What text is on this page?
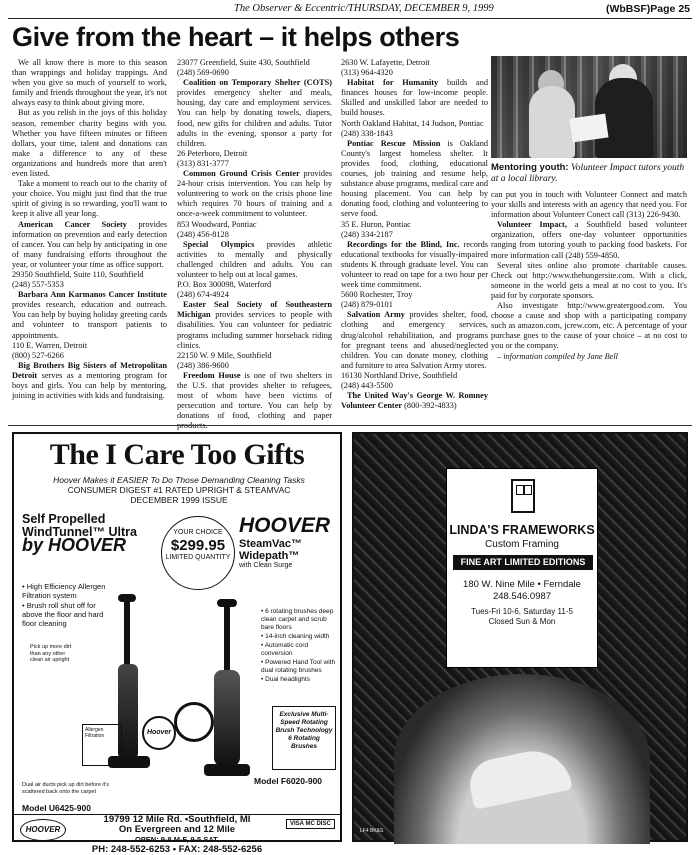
The Observer & Eccentric/THURSDAY, DECEMBER 9, 1999	(WbBSF)Page 25
Give from the heart – it helps others

We all know there is more to this season than wrappings and holiday trappings. And when you give so much of yourself to work, family and friends throughout the year, it's not always easy to think about giving more.

But as you relish in the joys of this holiday season, remember charity begins with you. Whether you have fifteen minutes or fifteen dollars, your time, talent and donations can make a difference to any of these organizations and hundreds more that aren't even listed.

Take a moment to reach out to the charity of your choice. You might just find that the true spirit of giving is so rewarding, you'll want to keep it alive all year long.

American Cancer Society provides information on prevention and early detection of cancer. You can help by anticipating in one of many fundraising efforts throughout the year, or volunteer your time as office support.

29350 Southfield, Suite 110, Southfield

(248) 557-5353

Barbara Ann Karmanos Cancer Institute provides research, education and outreach. You can help by buying holiday greeting cards and volunteer to transport patients to appointments.

110 E. Warren, Detroit

(800) 527-6266

Big Brothers Big Sisters of Metropolitan Detroit serves as a mentoring program for boys and girls. You can help by mentoring, joining in activities with kids and fundraising.

23077 Greenfield, Suite 430, Southfield

(248) 569-0690

Coalition on Temporary Shelter (COTS) provides emergency shelter and meals, housing, day care and employment services. You can help by donating towels, diapers, food, new gifts for children and adults. Tutor adults in the evening, sponsor a party for children.

26 Peterboro, Detroit

(313) 831-3777

Common Ground Crisis Center provides 24-hour crisis intervention. You can help by volunteering to work on the crisis phone line which requires 70 hours of training and a once-a-week commitment to volunteer.

853 Woodward, Pontiac

(248) 456-8128

Special Olympics provides athletic activities to mentally and physically challenged children and adults. You can volunteer to help out at local games.

P.O. Box 300098, Waterford

(248) 674-4924

Easter Seal Society of Southeastern Michigan provides services to people with disabilities. You can volunteer for pediatric programs including summer horseback riding clinics.

22150 W. 9 Mile, Southfield

(248) 386-9600

Freedom House is one of two shelters in the U.S. that provides shelter to refugees, most of whom have been victims of persecution and torture. You can help by donations of food, clothing and paper products.

2630 W. Lafayette, Detroit

(313) 964-4320

Habitat for Humanity builds and finances houses for low-income people. Skilled and unskilled labor are needed to build houses.

North Oakland Habitat, 14 Judson, Pontiac

(248) 338-1843

Pontiac Rescue Mission is Oakland County's largest homeless shelter. It provides food, clothing, educational courses, job training and resume help, substance abuse programs, medical care and housing placement. You can help by donating food, clothing and volunteering to serve food.

35 E. Huron, Pontiac

(248) 334-2187

Recordings for the Blind, Inc. records educational textbooks for visually-impaired students K through graduate level. You can volunteer to read on tape for a two hour per week time commitment.

5600 Rochester, Troy

(248) 879-0101

Salvation Army provides shelter, food, clothing and emergency services, drug/alcohol rehabilitation, and programs for pregnant teens and abused/neglected children. You can donate money, clothing and furniture to area Salvation Army stores.

16130 Northland Drive, Southfield

(248) 443-5500

The United Way's George W. Romney Volunteer Center (800-392-4833)

Mentoring youth: Volunteer Impact tutors youth at a local library.

can put you in touch with Volunteer Connect and match your skills and interests with an agency that need you. For information about Volunteer Conect call (313) 226-9430.

Volunteer Impact, a Southfield based volunteer organization, offers one-day volunteer opportunities ranging from tutoring youth to packing food baskets. For more information call (248) 559-4850.

Several sites online also promote charitable causes. Check out http://www.thehungersite.com. With a click, someone in the world gets a meal at no cost to you. It's paid for by corporate sponsors.

Also investigate http://www.greatergood.com. You choose a cause and shop with a participating company such as amazon.com, jcrew.com, etc. A percentage of your purchase goes to the cause of your choice – at no cost to you or the company.

– information compiled by Jane Bell

The I Care Too Gifts
Hoover Makes it EASIER To Do Those Demanding Cleaning Tasks
CONSUMER DIGEST #1 RATED UPRIGHT & STEAMVAC
DECEMBER 1999 ISSUE
Self Propelled
WindTunnel™ Ultra
by HOOVER
YOUR CHOICE
$299.95
LIMITED QUANTITY
HOOVER
SteamVac™ Widepath™
with Clean Surge
• High Efficiency Allergen Filtration system
• Brush roll shut off for above the floor and hard floor cleaning
• 6 rotating brushes deep clean carpet and scrub bare floors
• 14-inch cleaning width
• Automatic cord conversion
• Powered Hand Tool with dual rotating brushes
• Dual headlights
Pick up more dirt than any other clean air upright
Hoover
Allergen Filtration
Exclusive Multi-Speed Rotating Brush Technology
6 Rotating Brushes
Dual air ducts pick up dirt before it's scattered back onto the carpet
Model U6425-900
Model F6020-900
HOOVER
19799 12 Mile Rd. •Southfield, MI
On Evergreen and 12 Mile
OPEN: 9-8 M-F, 9-5 SAT.
PH: 248-552-6253 • FAX: 248-552-6256
VISA MC DISC
LINDA'S FRAMEWORKS
Custom Framing
FINE ART LIMITED EDITIONS
180 W. Nine Mile • Ferndale
248.546.0987
Tues-Fri 10-6, Saturday 11-5
Closed Sun & Mon
LF4 BK&S
